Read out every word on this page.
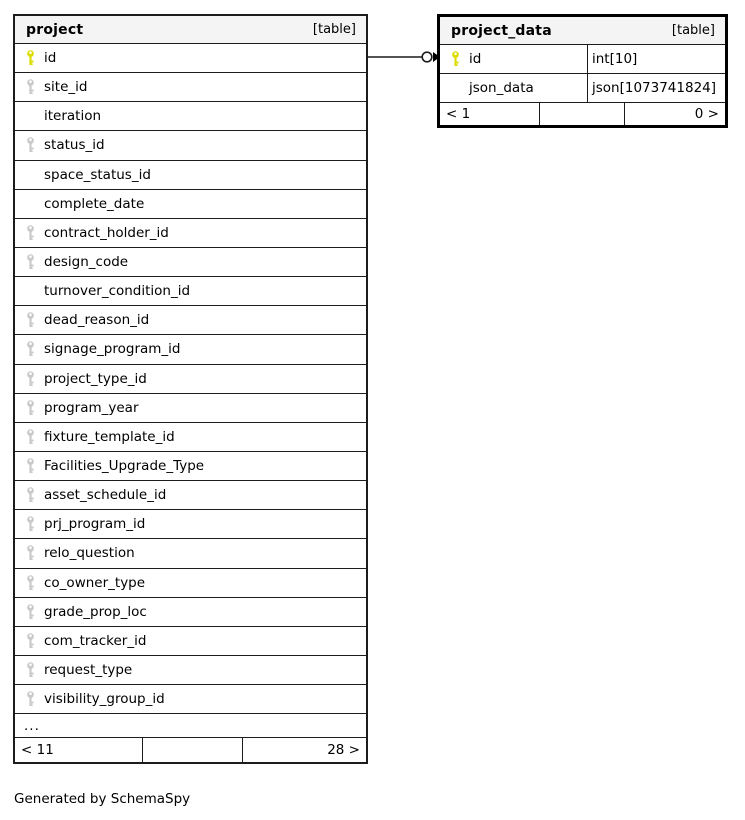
project	[table]
id
site_id
iteration
status_id
space_status_id
complete_date
contract_holder_id
design_code
turnover_condition_id
dead_reason_id
signage_program_id
project_type_id
program_year
fixture_template_id
Facilities_Upgrade_Type
asset_schedule_id
prj_program_id
relo_question
co_owner_type
grade_prop_loc
com_tracker_id
request_type
visibility_group_id
...
< 11	28 >
project_data	[table]
id	int[10]
json_data	json[1073741824]
< 1	0 >
Generated by SchemaSpy
